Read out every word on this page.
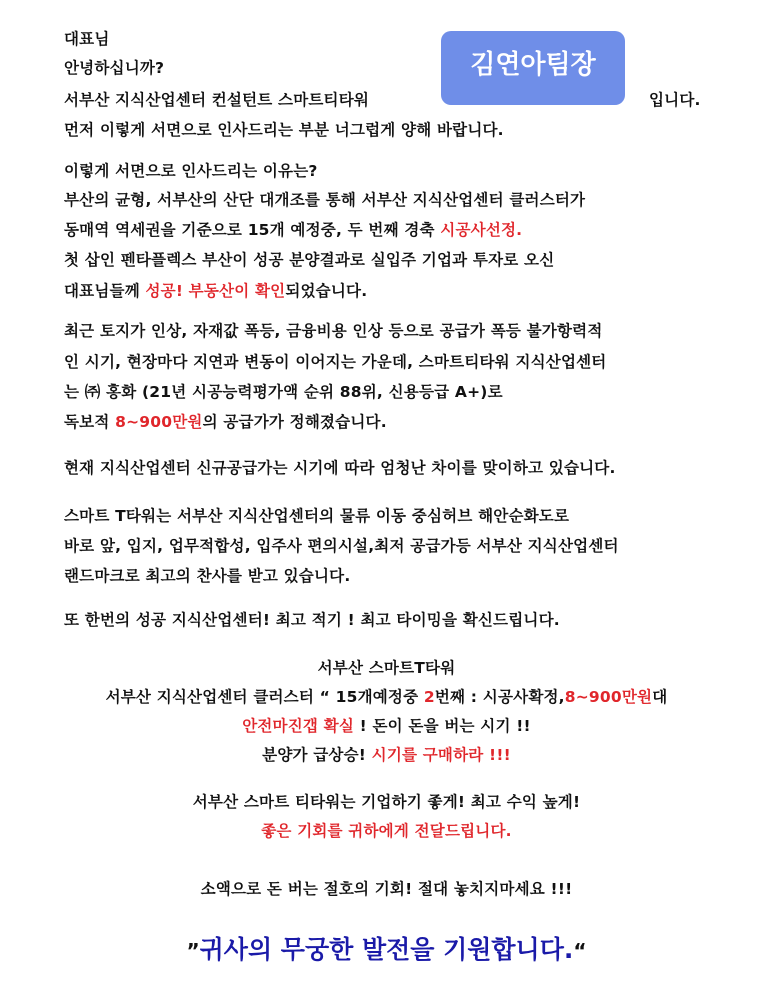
김연아팀장
대표님
안녕하십니까?
서부산 지식산업센터 컨설턴트 스마트티타워	입니다.
먼저 이렇게 서면으로 인사드리는 부분 너그럽게 양해 바랍니다.
이렇게 서면으로 인사드리는 이유는?
부산의 균형, 서부산의 산단 대개조를 통해 서부산 지식산업센터 클러스터가
동매역 역세권을 기준으로 15개 예정중, 두 번째 경축 시공사선정.
첫 삽인 펜타플렉스 부산이 성공 분양결과로 실입주 기업과 투자로 오신
대표님들께 성공! 부동산이 확인되었습니다.
최근 토지가 인상, 자재값 폭등, 금융비용 인상 등으로 공급가 폭등 불가항력적
인 시기, 현장마다 지연과 변동이 이어지는 가운데, 스마트티타워 지식산업센터
는 ㈜ 홍화 (21년 시공능력평가액 순위 88위, 신용등급 A+)로
독보적 8~900만원의 공급가가 정해졌습니다.
현재 지식산업센터 신규공급가는 시기에 따라 엄청난 차이를 맞이하고 있습니다.
스마트 T타워는 서부산 지식산업센터의 물류 이동 중심허브 해안순화도로
바로 앞, 입지, 업무적합성, 입주사 편의시설,최저 공급가등 서부산 지식산업센터
랜드마크로 최고의 찬사를 받고 있습니다.
또 한번의 성공 지식산업센터! 최고 적기 ! 최고 타이밍을 확신드립니다.
서부산 스마트T타워
서부산 지식산업센터 클러스터 “ 15개예정중 2번째 : 시공사확정,8~900만원대
안전마진갭 확실 ! 돈이 돈을 버는 시기 !!
분양가 급상승! 시기를 구매하라 !!!
서부산 스마트 티타워는 기업하기 좋게! 최고 수익 높게!
좋은 기회를 귀하에게 전달드립니다.
소액으로 돈 버는 절호의 기회! 절대 놓치지마세요 !!!
”귀사의 무궁한 발전을 기원합니다.“
